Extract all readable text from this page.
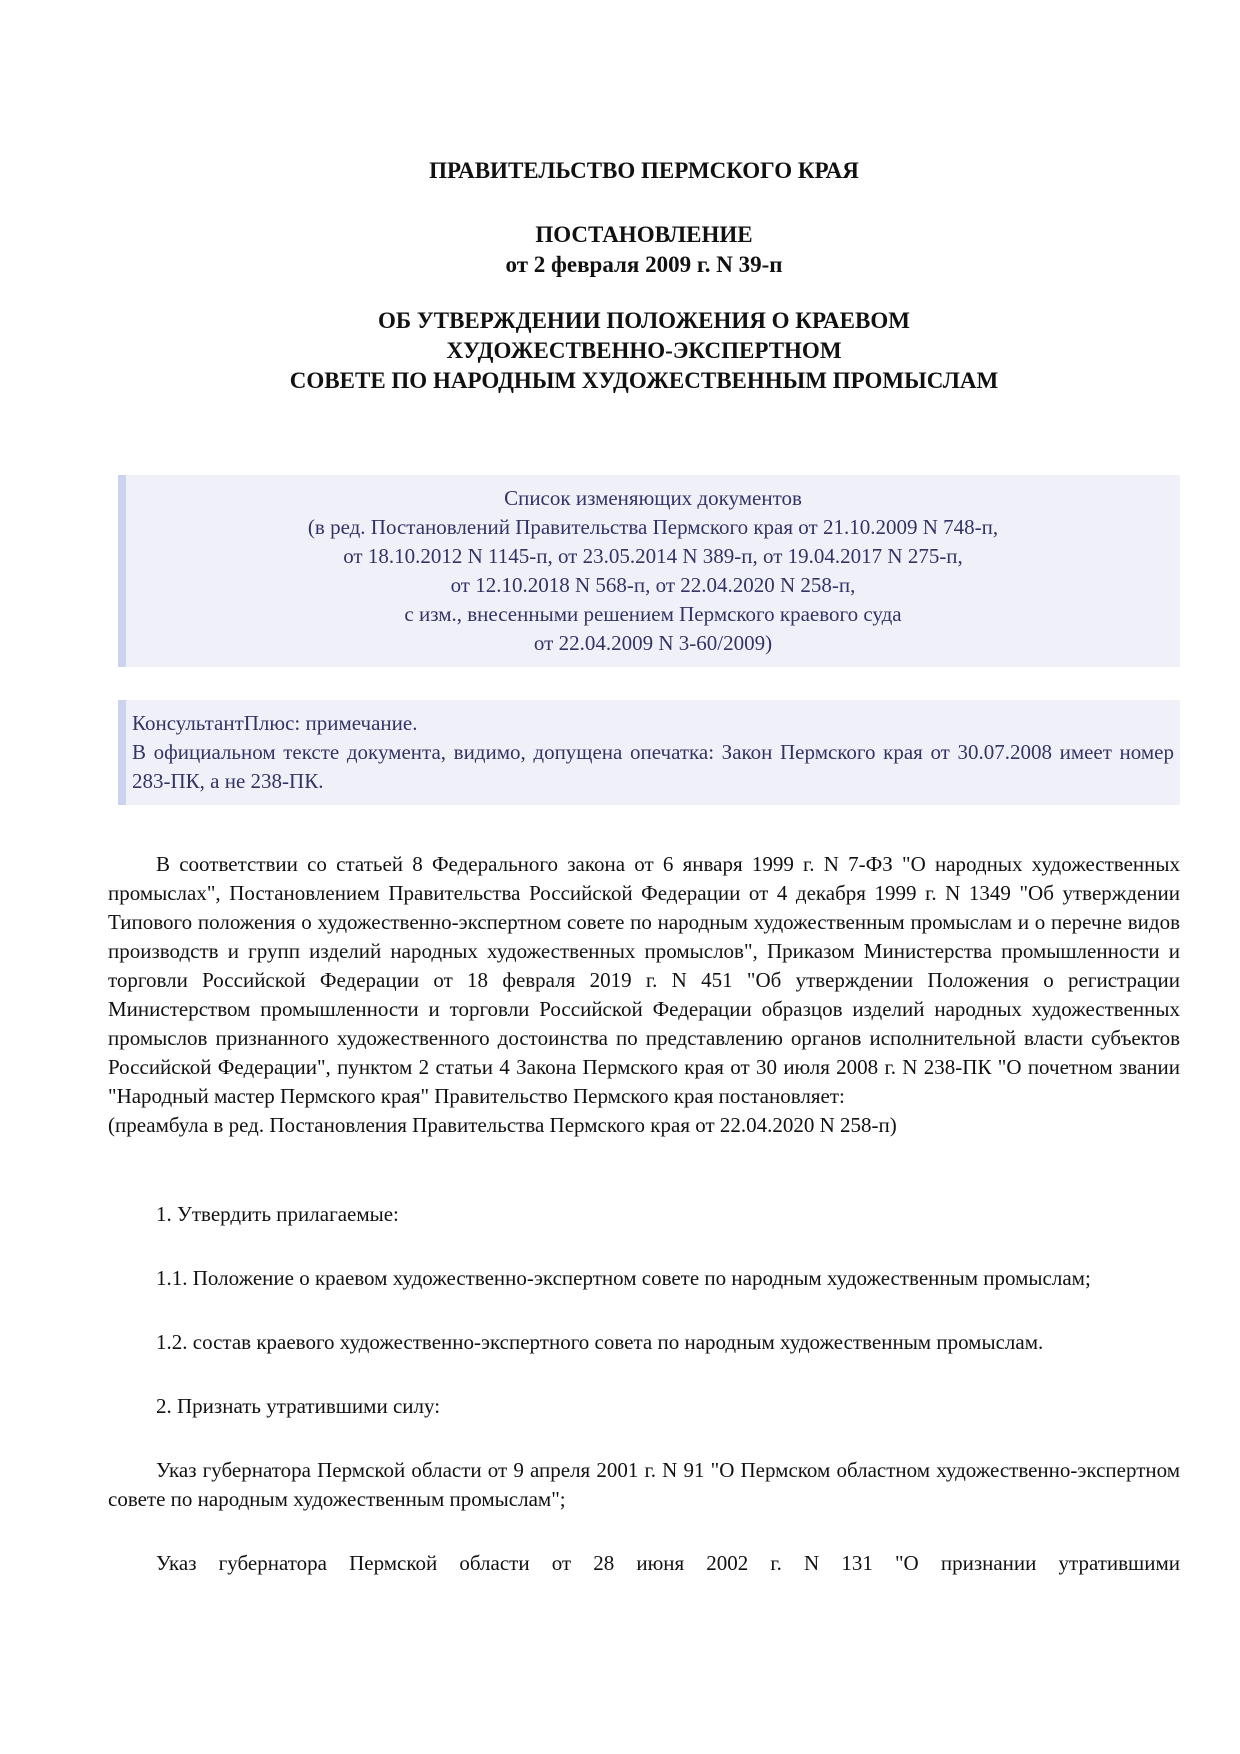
ПРАВИТЕЛЬСТВО ПЕРМСКОГО КРАЯ
ПОСТАНОВЛЕНИЕ
от 2 февраля 2009 г. N 39-п
ОБ УТВЕРЖДЕНИИ ПОЛОЖЕНИЯ О КРАЕВОМ
ХУДОЖЕСТВЕННО-ЭКСПЕРТНОМ
СОВЕТЕ ПО НАРОДНЫМ ХУДОЖЕСТВЕННЫМ ПРОМЫСЛАМ
Список изменяющих документов
(в ред. Постановлений Правительства Пермского края от 21.10.2009 N 748-п,
от 18.10.2012 N 1145-п, от 23.05.2014 N 389-п, от 19.04.2017 N 275-п,
от 12.10.2018 N 568-п, от 22.04.2020 N 258-п,
с изм., внесенными решением Пермского краевого суда
от 22.04.2009 N 3-60/2009)
КонсультантПлюс: примечание.
В официальном тексте документа, видимо, допущена опечатка: Закон Пермского края от 30.07.2008 имеет номер 283-ПК, а не 238-ПК.

В соответствии со статьей 8 Федерального закона от 6 января 1999 г. N 7-ФЗ "О народных художественных промыслах", Постановлением Правительства Российской Федерации от 4 декабря 1999 г. N 1349 "Об утверждении Типового положения о художественно-экспертном совете по народным художественным промыслам и о перечне видов производств и групп изделий народных художественных промыслов", Приказом Министерства промышленности и торговли Российской Федерации от 18 февраля 2019 г. N 451 "Об утверждении Положения о регистрации Министерством промышленности и торговли Российской Федерации образцов изделий народных художественных промыслов признанного художественного достоинства по представлению органов исполнительной власти субъектов Российской Федерации", пунктом 2 статьи 4 Закона Пермского края от 30 июля 2008 г. N 238-ПК "О почетном звании "Народный мастер Пермского края" Правительство Пермского края постановляет:

(преамбула в ред. Постановления Правительства Пермского края от 22.04.2020 N 258-п)

1. Утвердить прилагаемые:

1.1. Положение о краевом художественно-экспертном совете по народным художественным промыслам;

1.2. состав краевого художественно-экспертного совета по народным художественным промыслам.

2. Признать утратившими силу:

Указ губернатора Пермской области от 9 апреля 2001 г. N 91 "О Пермском областном художественно-экспертном совете по народным художественным промыслам";

Указ губернатора Пермской области от 28 июня 2002 г. N 131 "О признании утратившими
